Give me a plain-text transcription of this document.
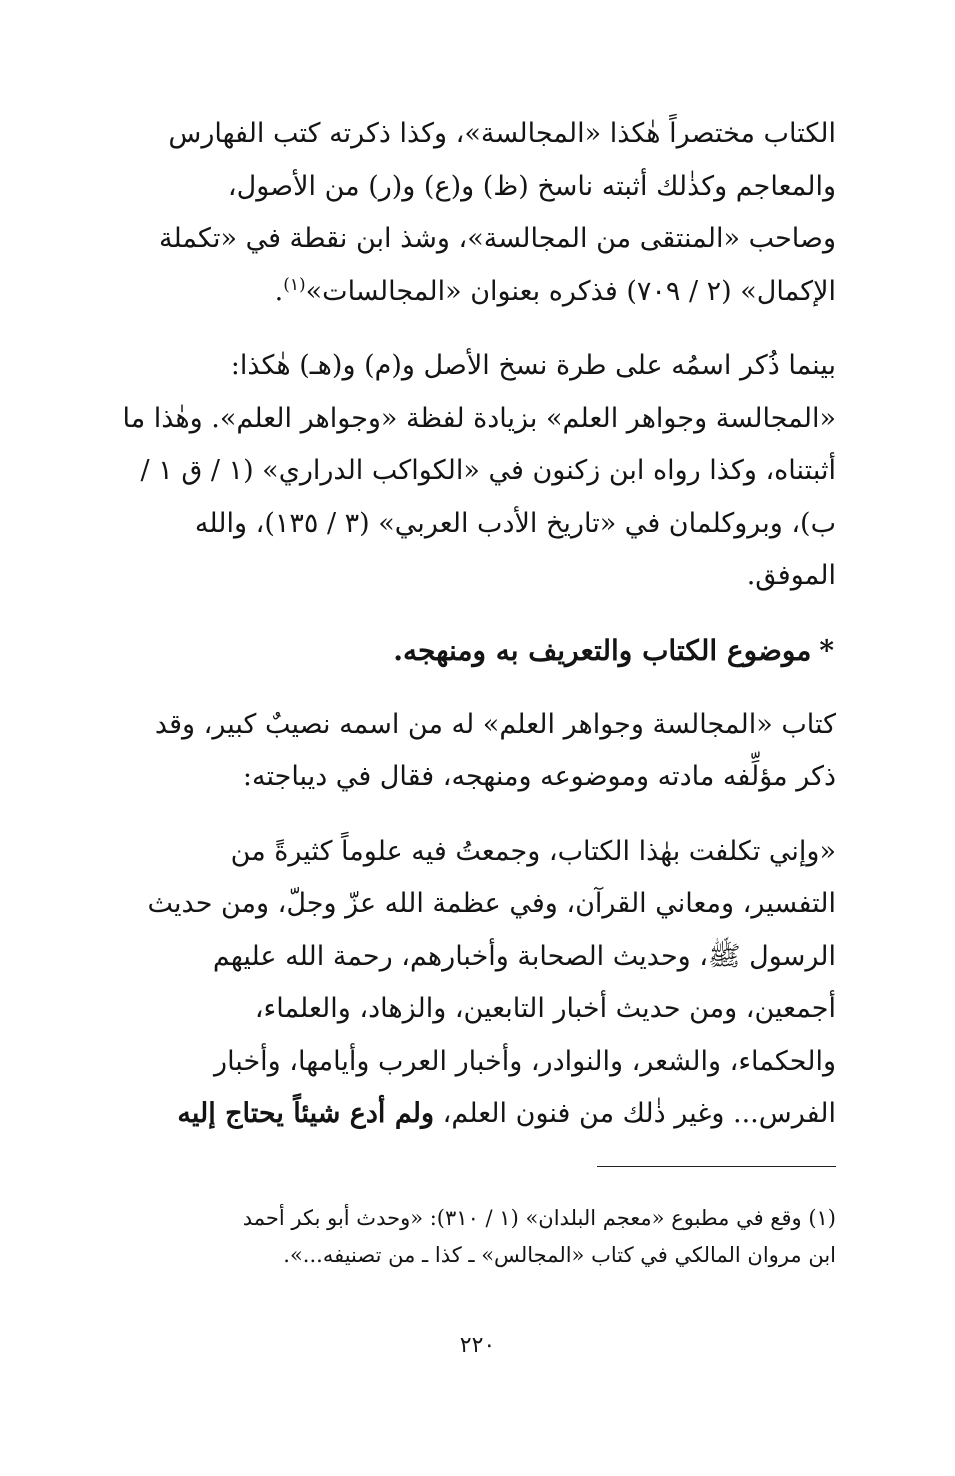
الكتاب مختصراً هٰكذا «المجالسة»، وكذا ذكرته كتب الفهارس
والمعاجم وكذٰلك أثبته ناسخ (ظ) و(ع) و(ر) من الأصول،
وصاحب «المنتقى من المجالسة»، وشذ ابن نقطة في «تكملة
الإكمال» (٢ / ٧٠٩) فذكره بعنوان «المجالسات»$^{(١)}$.

بينما ذُكر اسمُه على طرة نسخ الأصل و(م) و(هـ) هٰكذا:
«المجالسة وجواهر العلم» بزيادة لفظة «وجواهر العلم». وهٰذا ما
أثبتناه، وكذا رواه ابن زكنون في «الكواكب الدراري» (١ / ق ١ /
ب)، وبروكلمان في «تاريخ الأدب العربي» (٣ / ١٣٥)، والله
الموفق.

*موضوع الكتاب والتعريف به ومنهجه.

كتاب «المجالسة وجواهر العلم» له من اسمه نصيبٌ كبير، وقد
ذكر مؤلِّفه مادته وموضوعه ومنهجه، فقال في ديباجته:

«وإني تكلفت بهٰذا الكتاب، وجمعتُ فيه علوماً كثيرةً من
التفسير، ومعاني القرآن، وفي عظمة الله عزّ وجلّ، ومن حديث
الرسول ﷺ، وحديث الصحابة وأخبارهم، رحمة الله عليهم
أجمعين، ومن حديث أخبار التابعين، والزهاد، والعلماء،
والحكماء، والشعر، والنوادر، وأخبار العرب وأيامها، وأخبار
الفرس... وغير ذٰلك من فنون العلم، ولم أدع شيئاً يحتاج إليه

(١) وقع في مطبوع «معجم البلدان» (١ / ٣١٠): «وحدث أبو بكر أحمد
ابن مروان المالكي في كتاب «المجالس» ـ كذا ـ من تصنيفه...».
٢٢٠
